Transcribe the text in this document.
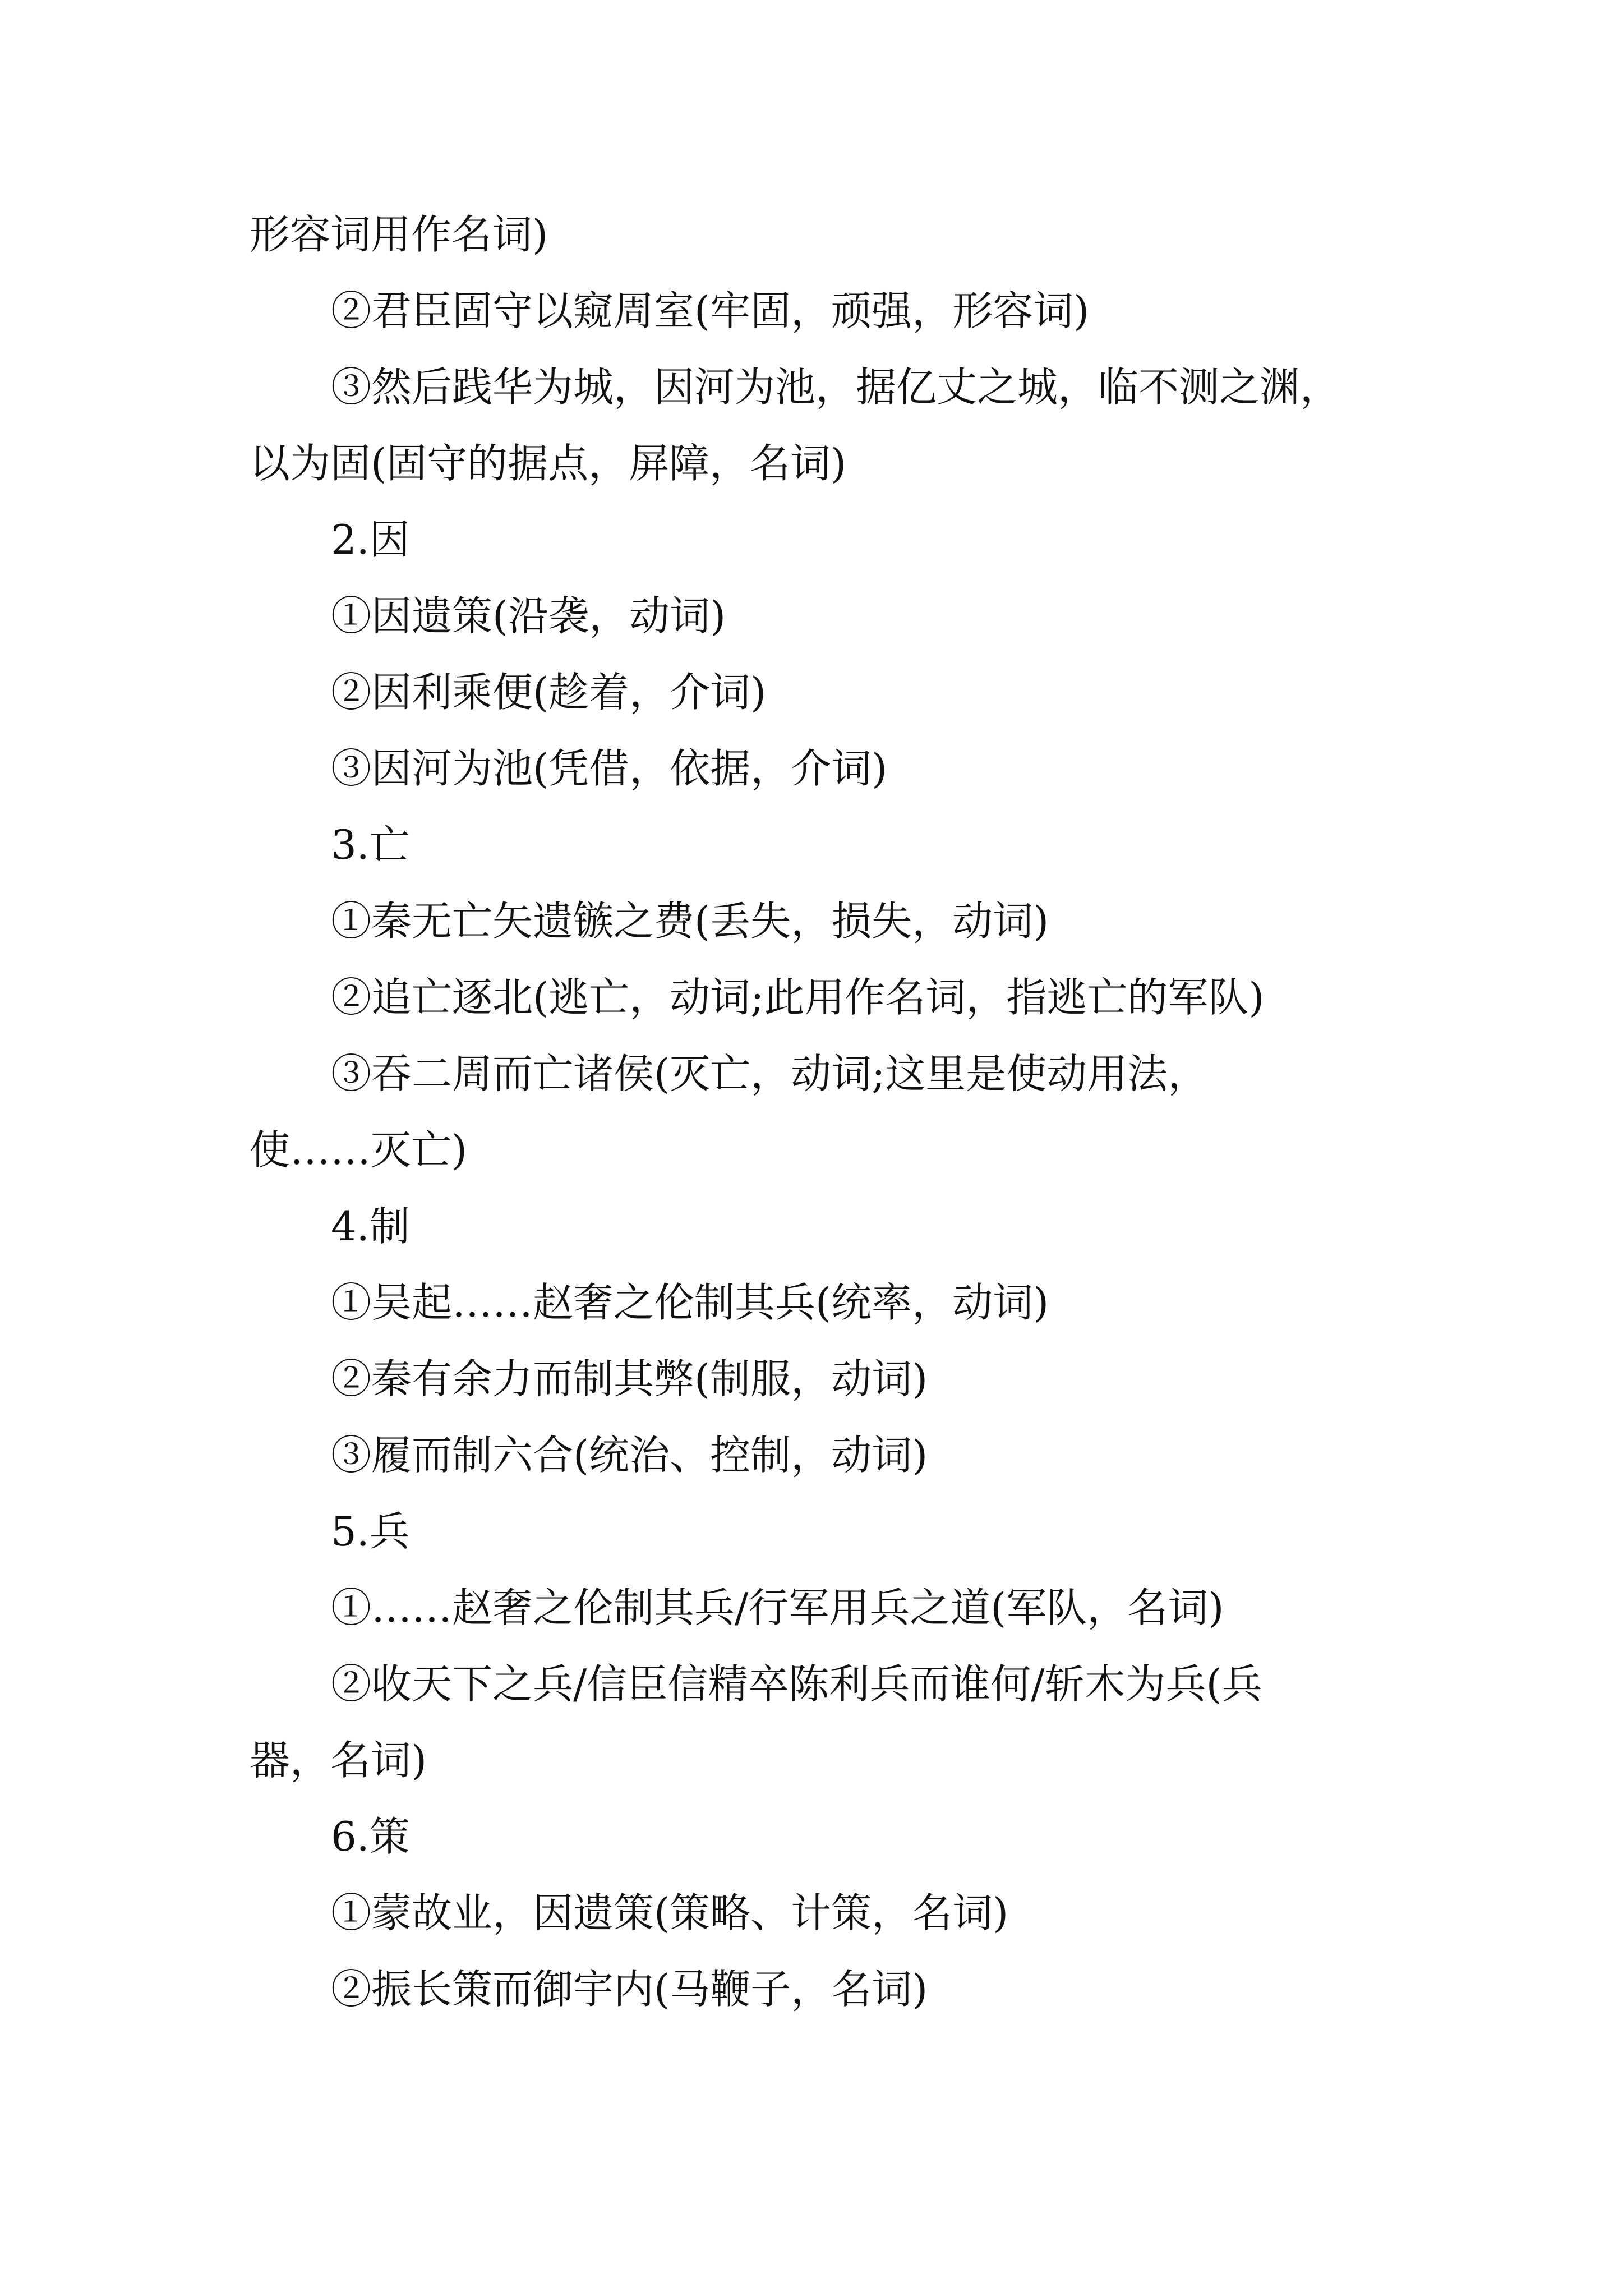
形容词用作名词)
②君臣固守以窥周室(牢固，顽强，形容词)
③然后践华为城，因河为池，据亿丈之城，临不测之渊，
以为固(固守的据点，屏障，名词)
2.因
①因遗策(沿袭，动词)
②因利乘便(趁着，介词)
③因河为池(凭借，依据，介词)
3.亡
①秦无亡矢遗镞之费(丢失，损失，动词)
②追亡逐北(逃亡，动词;此用作名词，指逃亡的军队)
③吞二周而亡诸侯(灭亡，动词;这里是使动用法，
使……灭亡)
4.制
①吴起……赵奢之伦制其兵(统率，动词)
②秦有余力而制其弊(制服，动词)
③履而制六合(统治、控制，动词)
5.兵
①……赵奢之伦制其兵/行军用兵之道(军队，名词)
②收天下之兵/信臣信精卒陈利兵而谁何/斩木为兵(兵
器，名词)
6.策
①蒙故业，因遗策(策略、计策，名词)
②振长策而御宇内(马鞭子，名词)
